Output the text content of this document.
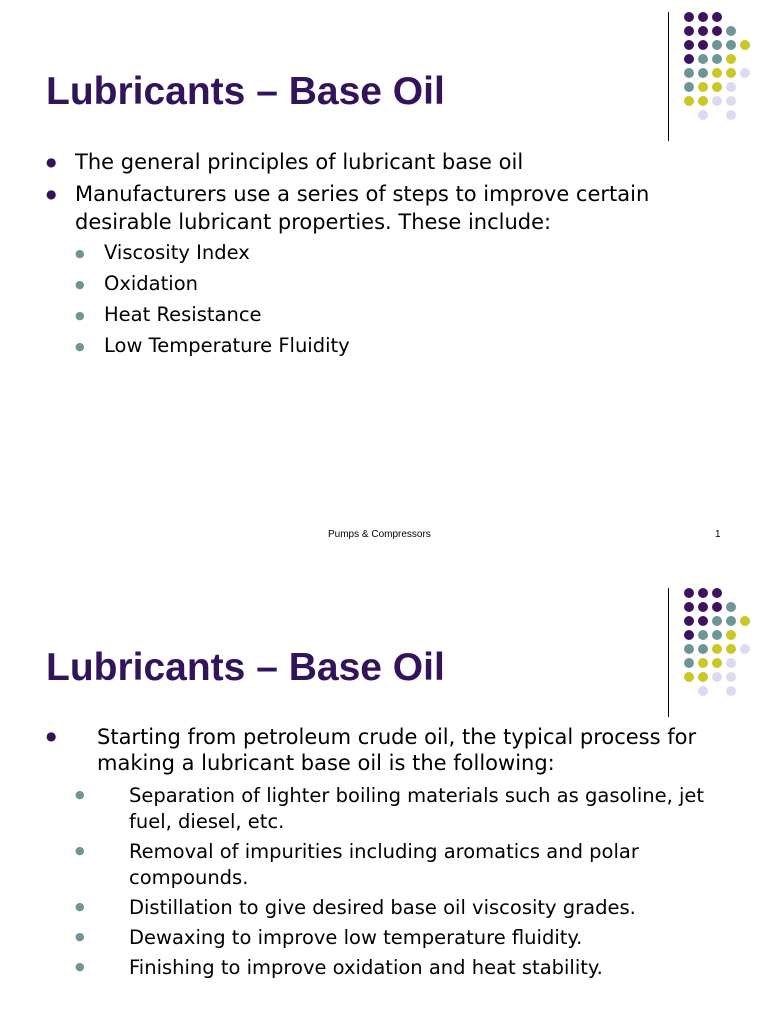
Lubricants – Base Oil
● The general principles of lubricant base oil
● Manufacturers use a series of steps to improve certain desirable lubricant properties. These include:
● Viscosity Index
● Oxidation
● Heat Resistance
● Low Temperature Fluidity
Pumps & Compressors	1
Lubricants – Base Oil
● Starting from petroleum crude oil, the typical process for making a lubricant base oil is the following:
● Separation of lighter boiling materials such as gasoline, jet fuel, diesel, etc.
● Removal of impurities including aromatics and polar compounds.
● Distillation to give desired base oil viscosity grades.
● Dewaxing to improve low temperature fluidity.
● Finishing to improve oxidation and heat stability.
